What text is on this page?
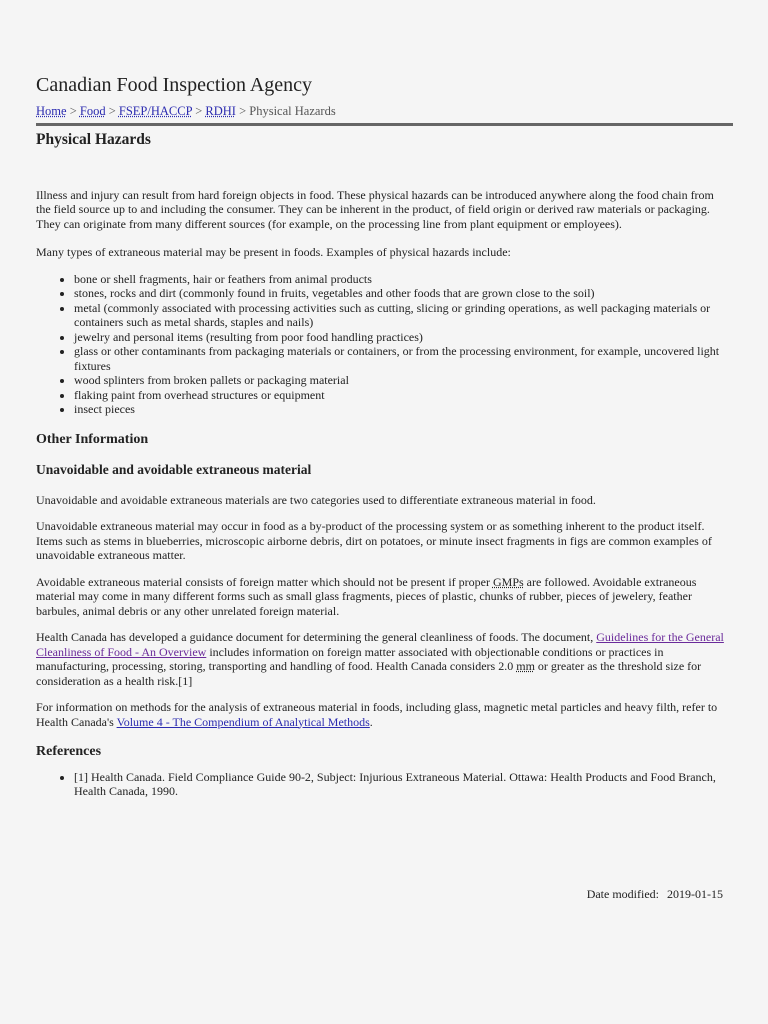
Canadian Food Inspection Agency
Home > Food > FSEP/HACCP > RDHI > Physical Hazards
Physical Hazards

Illness and injury can result from hard foreign objects in food. These physical hazards can be introduced anywhere along the food chain from the field source up to and including the consumer. They can be inherent in the product, of field origin or derived raw materials or packaging. They can originate from many different sources (for example, on the processing line from plant equipment or employees).

Many types of extraneous material may be present in foods. Examples of physical hazards include:

• bone or shell fragments, hair or feathers from animal products
• stones, rocks and dirt (commonly found in fruits, vegetables and other foods that are grown close to the soil)
• metal (commonly associated with processing activities such as cutting, slicing or grinding operations, as well packaging materials or containers such as metal shards, staples and nails)
• jewelry and personal items (resulting from poor food handling practices)
• glass or other contaminants from packaging materials or containers, or from the processing environment, for example, uncovered light fixtures
• wood splinters from broken pallets or packaging material
• flaking paint from overhead structures or equipment
• insect pieces
Other Information
Unavoidable and avoidable extraneous material

Unavoidable and avoidable extraneous materials are two categories used to differentiate extraneous material in food.

Unavoidable extraneous material may occur in food as a by-product of the processing system or as something inherent to the product itself. Items such as stems in blueberries, microscopic airborne debris, dirt on potatoes, or minute insect fragments in figs are common examples of unavoidable extraneous matter.

Avoidable extraneous material consists of foreign matter which should not be present if proper GMPs are followed. Avoidable extraneous material may come in many different forms such as small glass fragments, pieces of plastic, chunks of rubber, pieces of jewelery, feather barbules, animal debris or any other unrelated foreign material.

Health Canada has developed a guidance document for determining the general cleanliness of foods. The document, Guidelines for the General Cleanliness of Food - An Overview includes information on foreign matter associated with objectionable conditions or practices in manufacturing, processing, storing, transporting and handling of food. Health Canada considers 2.0 mm or greater as the threshold size for consideration as a health risk.[1]

For information on methods for the analysis of extraneous material in foods, including glass, magnetic metal particles and heavy filth, refer to Health Canada's Volume 4 - The Compendium of Analytical Methods.

References
• [1] Health Canada. Field Compliance Guide 90-2, Subject: Injurious Extraneous Material. Ottawa: Health Products and Food Branch, Health Canada, 1990.
Date modified: 2019-01-15
